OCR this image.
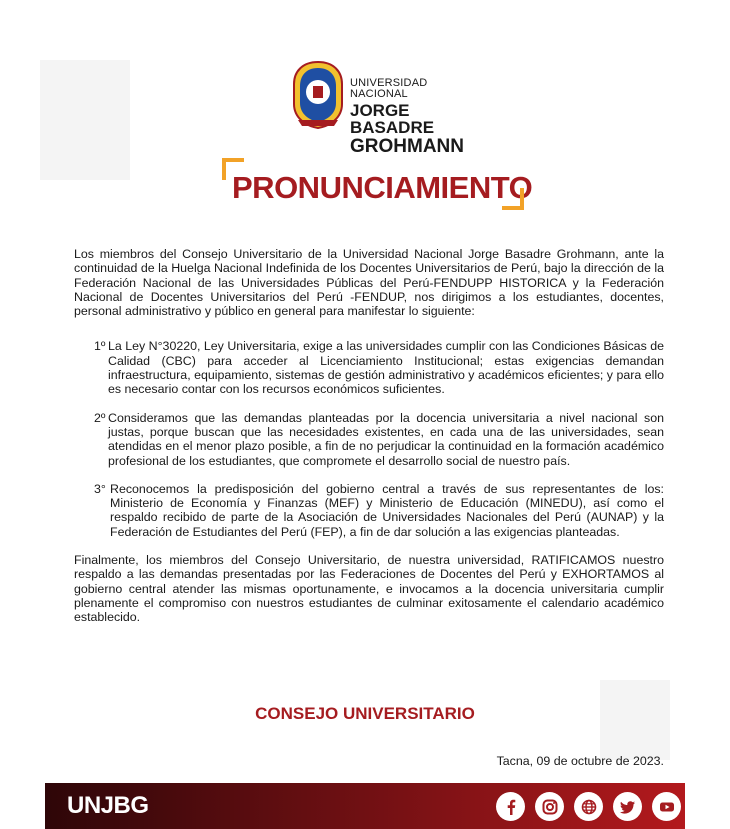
UNIVERSIDAD NACIONAL
JORGE BASADRE
GROHMANN
PRONUNCIAMIENTO

Los miembros del Consejo Universitario de la Universidad Nacional Jorge Basadre Grohmann, ante la continuidad de la Huelga Nacional Indefinida de los Docentes Universitarios de Perú, bajo la dirección de la Federación Nacional de las Universidades Públicas del Perú-FENDUPP HISTORICA y la Federación Nacional de Docentes Universitarios del Perú -FENDUP, nos dirigimos a los estudiantes, docentes, personal administrativo y público en general para manifestar lo siguiente:

1º La Ley N°30220, Ley Universitaria, exige a las universidades cumplir con las Condiciones Básicas de Calidad (CBC) para acceder al Licenciamiento Institucional; estas exigencias demandan infraestructura, equipamiento, sistemas de gestión administrativo y académicos eficientes; y para ello es necesario contar con los recursos económicos suficientes.
2º Consideramos que las demandas planteadas por la docencia universitaria a nivel nacional son justas, porque buscan que las necesidades existentes, en cada una de las universidades, sean atendidas en el menor plazo posible, a fin de no perjudicar la continuidad en la formación académico profesional de los estudiantes, que compromete el desarrollo social de nuestro país.
3° Reconocemos la predisposición del gobierno central a través de sus representantes de los: Ministerio de Economía y Finanzas (MEF) y Ministerio de Educación (MINEDU), así como el respaldo recibido de parte de la Asociación de Universidades Nacionales del Perú (AUNAP) y la Federación de Estudiantes del Perú (FEP), a fin de dar solución a las exigencias planteadas.

Finalmente, los miembros del Consejo Universitario, de nuestra universidad, RATIFICAMOS nuestro respaldo a las demandas presentadas por las Federaciones de Docentes del Perú y EXHORTAMOS al gobierno central atender las mismas oportunamente, e invocamos a la docencia universitaria cumplir plenamente el compromiso con nuestros estudiantes de culminar exitosamente el calendario académico establecido.

CONSEJO UNIVERSITARIO
Tacna, 09 de octubre de 2023.
UNJBG
